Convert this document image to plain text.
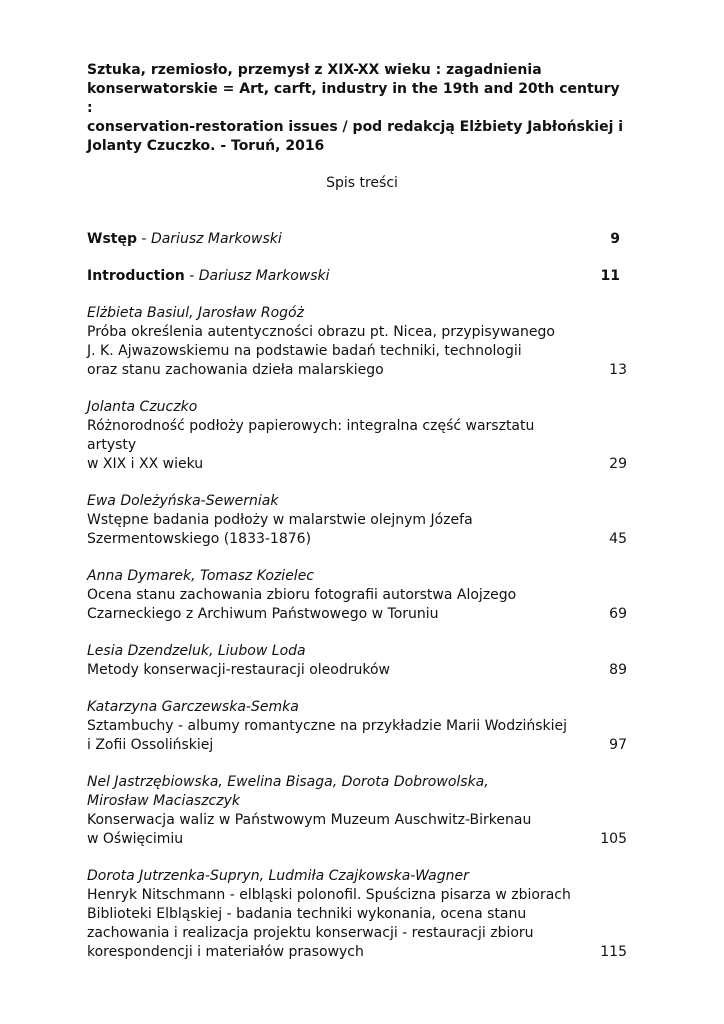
Sztuka, rzemiosło, przemysł z XIX-XX wieku : zagadnienia
konserwatorskie = Art, carft, industry in the 19th and 20th century :
conservation-restoration issues / pod redakcją Elżbiety Jabłońskiej i
Jolanty Czuczko. - Toruń, 2016
Spis treści
Wstęp - Dariusz Markowski	9
Introduction - Dariusz Markowski	11
Elżbieta Basiul, Jarosław Rogóż
Próba określenia autentyczności obrazu pt. Nicea, przypisywanego
J. K. Ajwazowskiemu na podstawie badań techniki, technologii
oraz stanu zachowania dzieła malarskiego	13
Jolanta Czuczko
Różnorodność podłoży papierowych: integralna część warsztatu artysty
w XIX i XX wieku	29
Ewa Doleżyńska-Sewerniak
Wstępne badania podłoży w malarstwie olejnym Józefa
Szermentowskiego (1833-1876)	45
Anna Dymarek, Tomasz Kozielec
Ocena stanu zachowania zbioru fotografii autorstwa Alojzego
Czarneckiego z Archiwum Państwowego w Toruniu	69
Lesia Dzendzeluk, Liubow Loda
Metody konserwacji-restauracji oleodruków	89
Katarzyna Garczewska-Semka
Sztambuchy - albumy romantyczne na przykładzie Marii Wodzińskiej
i Zofii Ossolińskiej	97
Nel Jastrzębiowska, Ewelina Bisaga, Dorota Dobrowolska,
Mirosław Maciaszczyk
Konserwacja waliz w Państwowym Muzeum Auschwitz-Birkenau
w Oświęcimiu	105
Dorota Jutrzenka-Supryn, Ludmiła Czajkowska-Wagner
Henryk Nitschmann - elbląski polonofil. Spuścizna pisarza w zbiorach
Biblioteki Elbląskiej - badania techniki wykonania, ocena stanu
zachowania i realizacja projektu konserwacji - restauracji zbioru
korespondencji i materiałów prasowych	115
